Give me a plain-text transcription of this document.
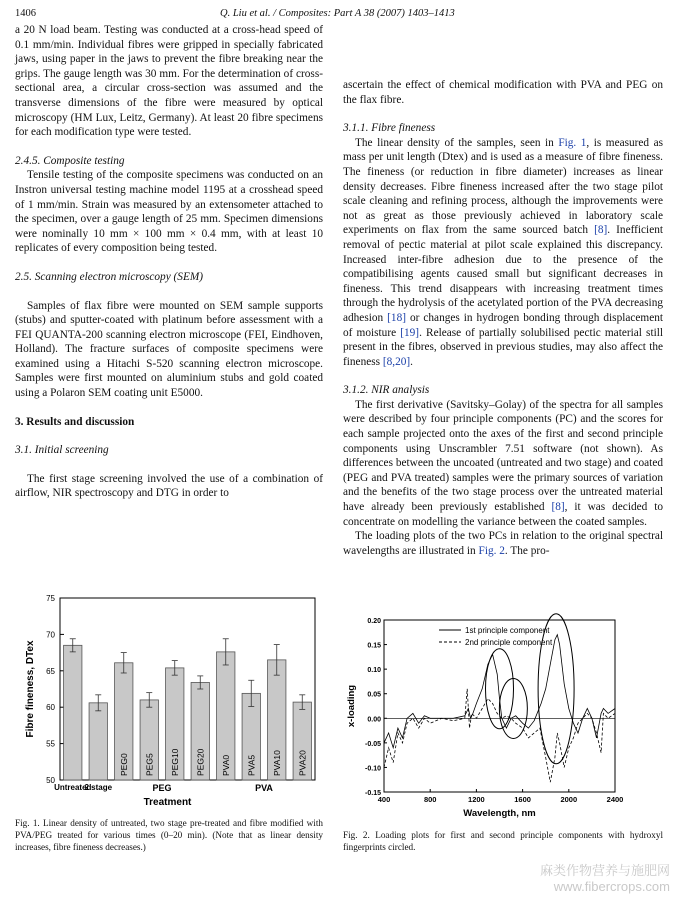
1406	Q. Liu et al. / Composites: Part A 38 (2007) 1403–1413

a 20 N load beam. Testing was conducted at a cross-head speed of 0.1 mm/min. Individual fibres were gripped in specially fabricated jaws, using paper in the jaws to prevent the fibre breaking near the grips. The gauge length was 30 mm. For the determination of cross-sectional area, a circular cross-section was assumed and the transverse dimensions of the fibre were measured by optical microscopy (HM Lux, Leitz, Germany). At least 20 fibre specimens for each modification type were tested.

2.4.5. Composite testing

Tensile testing of the composite specimens was conducted on an Instron universal testing machine model 1195 at a crosshead speed of 1 mm/min. Strain was measured by an extensometer attached to the specimen, over a gauge length of 25 mm. Specimen dimensions were nominally 10 mm × 100 mm × 0.4 mm, with at least 10 replicates of every composition being tested.

2.5. Scanning electron microscopy (SEM)

Samples of flax fibre were mounted on SEM sample supports (stubs) and sputter-coated with platinum before assessment with a FEI QUANTA-200 scanning electron microscope (FEI, Eindhoven, Holland). The fracture surfaces of composite specimens were examined using a Hitachi S-520 scanning electron microscope. Samples were first mounted on aluminium stubs and gold coated using a Polaron SEM coating unit E5000.

3. Results and discussion

3.1. Initial screening

The first stage screening involved the use of a combination of airflow, NIR spectroscopy and DTG in order to

ascertain the effect of chemical modification with PVA and PEG on the flax fibre.

3.1.1. Fibre fineness

The linear density of the samples, seen in Fig. 1, is measured as mass per unit length (Dtex) and is used as a measure of fibre fineness. The fineness (or reduction in fibre diameter) increases as linear density decreases. Fibre fineness increased after the two stage pilot scale cleaning and refining process, although the improvements were not as great as those previously achieved in laboratory scale experiments on flax from the same sourced batch [8]. Inefficient removal of pectic material at pilot scale explained this discrepancy. Increased inter-fibre adhesion due to the presence of the compatibilising agents caused small but significant decreases in fineness. This trend disappears with increasing treatment times through the hydrolysis of the acetylated portion of the PVA decreasing adhesion [18] or changes in hydrogen bonding through displacement of moisture [19]. Release of partially solubilised pectic material still present in the fibres, observed in previous studies, may also affect the fineness [8,20].

3.1.2. NIR analysis

The first derivative (Savitsky–Golay) of the spectra for all samples were described by four principle components (PC) and the scores for each sample projected onto the axes of the first and second principle components using Unscrambler 7.51 software (not shown). As differences between the uncoated (untreated and two stage) and coated (PEG and PVA treated) samples were the primary sources of variation and the benefits of the two stage process over the untreated material have already been previously established [8], it was decided to concentrate on modelling the variance between the coated samples.

The loading plots of the two PCs in relation to the original spectral wavelengths are illustrated in Fig. 2. The pro-

50
55
60
65
70
75
Untreated
2 stage
PEG0 PEG5 PEG10 PEG20 PVA0 PVA5 PVA10 PVA20
PEG	PVA
Treatment
Fibre fineness, DTex
Fig. 1. Linear density of untreated, two stage pre-treated and fibre modified with PVA/PEG treated for various times (0–20 min). (Note that as linear density increases, fibre fineness decreases.)
-0.15
-0.10
-0.05
0.00
0.05
0.10
0.15
0.20
400	800	1200	1600	2000	2400
1st principle component
2nd principle component
Wavelength, nm
x-loading
Fig. 2. Loading plots for first and second principle components with hydroxyl fingerprints circled.
麻类作物营养与施肥网
www.fibercrops.com
